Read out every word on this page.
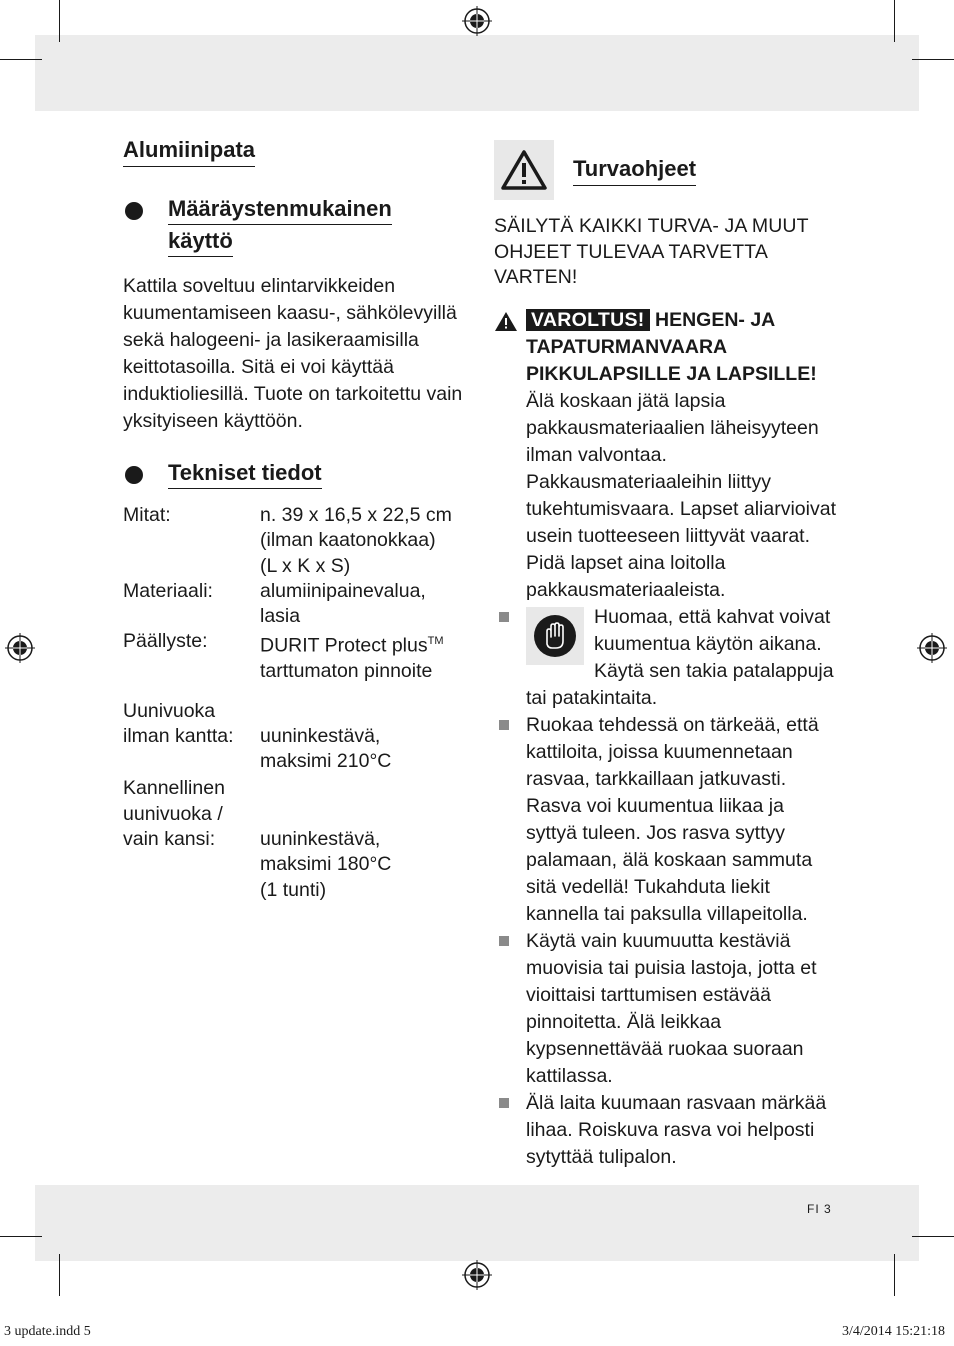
Alumiinipata
Määräystenmukainen
käyttö
Kattila soveltuu elintarvikkeiden kuumentamiseen kaasu-, sähkölevyillä sekä halogeeni- ja lasikeraamisilla keittotasoilla. Sitä ei voi käyttää induktioliesillä. Tuote on tarkoitettu vain yksityiseen käyttöön.
Tekniset tiedot
Mitat:	n. 39 x 16,5 x 22,5 cm
(ilman kaatonokkaa)
(L x K x S)
Materiaali:	alumiinipainevalua,
lasia
Päällyste:	DURIT Protect plus™
tarttumaton pinnoite
Uunivuoka
ilman kantta:	uuninkestävä,
maksimi 210°C
Kannellinen
uunivuoka /
vain kansi:	uuninkestävä,
maksimi 180°C
(1 tunti)
Turvaohjeet
SÄILYTÄ KAIKKI TURVA- JA MUUT OHJEET TULEVAA TARVETTA VARTEN!
VAROLTUS! HENGEN- JA TAPATURMANVAARA PIKKULAPSILLE JA LAPSILLE! Älä koskaan jätä lapsia pakkausmateriaalien läheisyyteen ilman valvontaa. Pakkausmateriaaleihin liittyy tukehtumisvaara. Lapset aliarvioivat usein tuotteeseen liittyvät vaarat. Pidä lapset aina loitolla pakkausmateriaaleista.
Huomaa, että kahvat voivat kuumentua käytön aikana. Käytä sen takia patalappuja tai patakintaita.
Ruokaa tehdessä on tärkeää, että kattiloita, joissa kuumennetaan rasvaa, tarkkaillaan jatkuvasti. Rasva voi kuumentua liikaa ja syttyä tuleen. Jos rasva syttyy palamaan, älä koskaan sammuta sitä vedellä! Tukahduta liekit kannella tai paksulla villapeitolla.
Käytä vain kuumuutta kestäviä muovisia tai puisia lastoja, jotta et vioittaisi tarttumisen estävää pinnoitetta. Älä leikkaa kypsennettävää ruokaa suoraan kattilassa.
Älä laita kuumaan rasvaan märkää lihaa. Roiskuva rasva voi helposti sytyttää tulipalon.
FI 3
3 update.indd 5	3/4/2014 15:21:18
